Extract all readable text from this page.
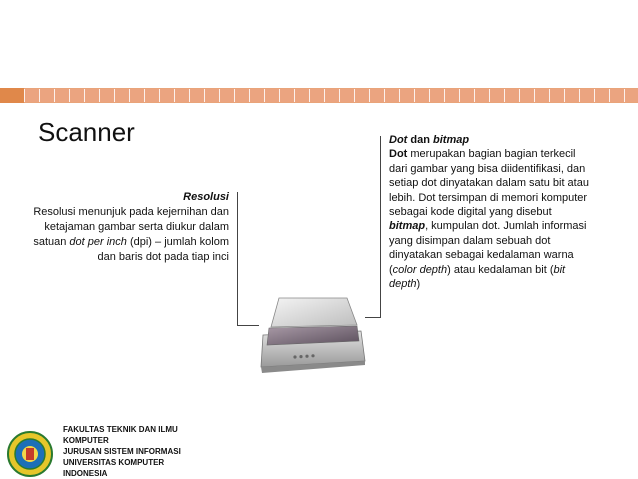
Scanner
Resolusi
Resolusi menunjuk pada kejernihan dan ketajaman gambar serta diukur dalam satuan dot per inch (dpi) – jumlah kolom dan baris dot pada tiap inci
Dot dan bitmap
Dot merupakan bagian bagian terkecil dari gambar yang bisa diidentifikasi, dan setiap dot dinyatakan dalam satu bit atau lebih. Dot tersimpan di memori komputer sebagai kode digital yang disebut bitmap, kumpulan dot. Jumlah informasi yang disimpan dalam sebuah dot dinyatakan sebagai kedalaman warna (color depth) atau kedalaman bit (bit depth)
FAKULTAS TEKNIK DAN ILMU KOMPUTER
JURUSAN SISTEM INFORMASI
UNIVERSITAS KOMPUTER INDONESIA
